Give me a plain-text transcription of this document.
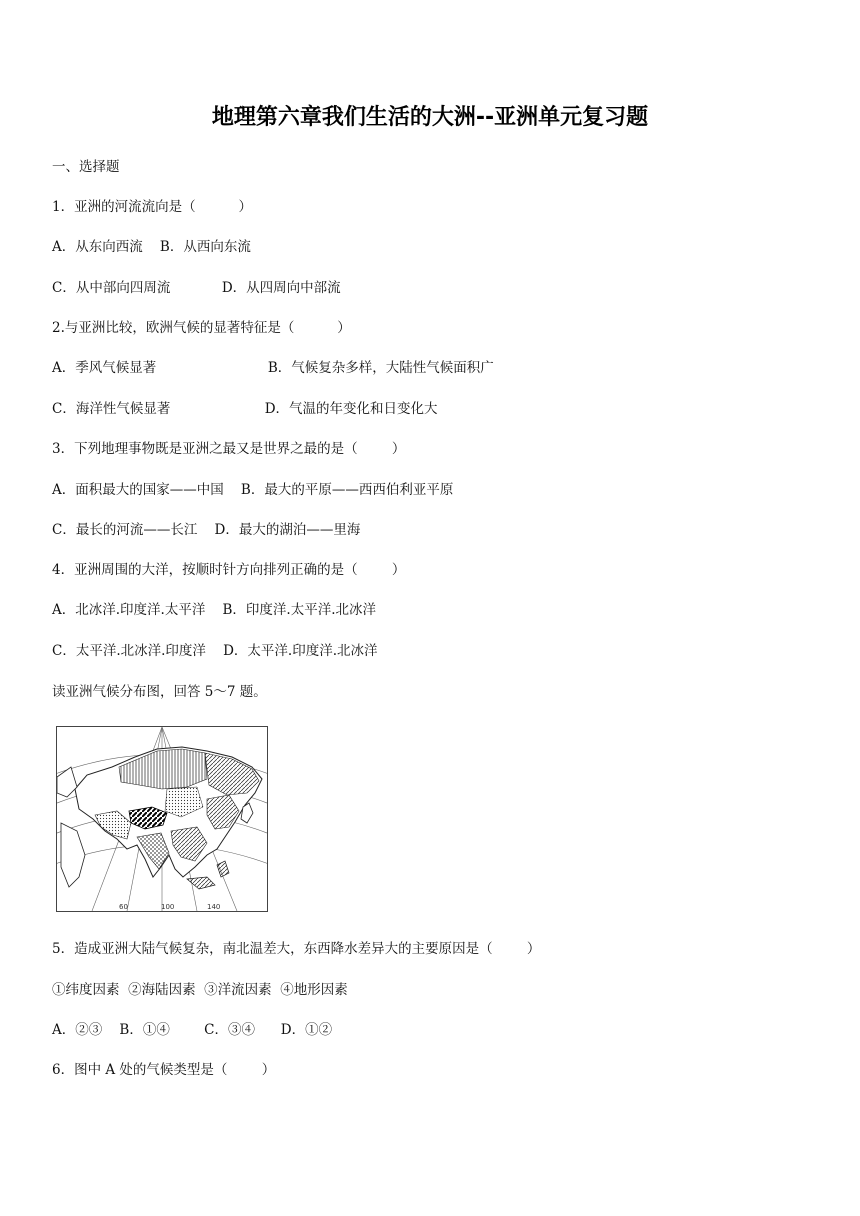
地理第六章我们生活的大洲--亚洲单元复习题
一、选择题
1．亚洲的河流流向是（          ）
A．从东向西流    B．从西向东流
C．从中部向四周流            D．从四周向中部流
2.与亚洲比较，欧洲气候的显著特征是（          ）
A．季风气候显著                          B．气候复杂多样，大陆性气候面积广
C．海洋性气候显著                      D．气温的年变化和日变化大
3．下列地理事物既是亚洲之最又是世界之最的是（        ）
A．面积最大的国家——中国    B．最大的平原——西西伯利亚平原
C．最长的河流——长江    D．最大的湖泊——里海
4．亚洲周围的大洋，按顺时针方向排列正确的是（        ）
A．北冰洋.印度洋.太平洋    B．印度洋.太平洋.北冰洋
C．太平洋.北冰洋.印度洋    D．太平洋.印度洋.北冰洋
读亚洲气候分布图，回答 5～7 题。
60	100	140
5．造成亚洲大陆气候复杂，南北温差大，东西降水差异大的主要原因是（        ）
①纬度因素  ②海陆因素  ③洋流因素  ④地形因素
A．②③    B．①④        C．③④      D．①②
6．图中 A 处的气候类型是（        ）
